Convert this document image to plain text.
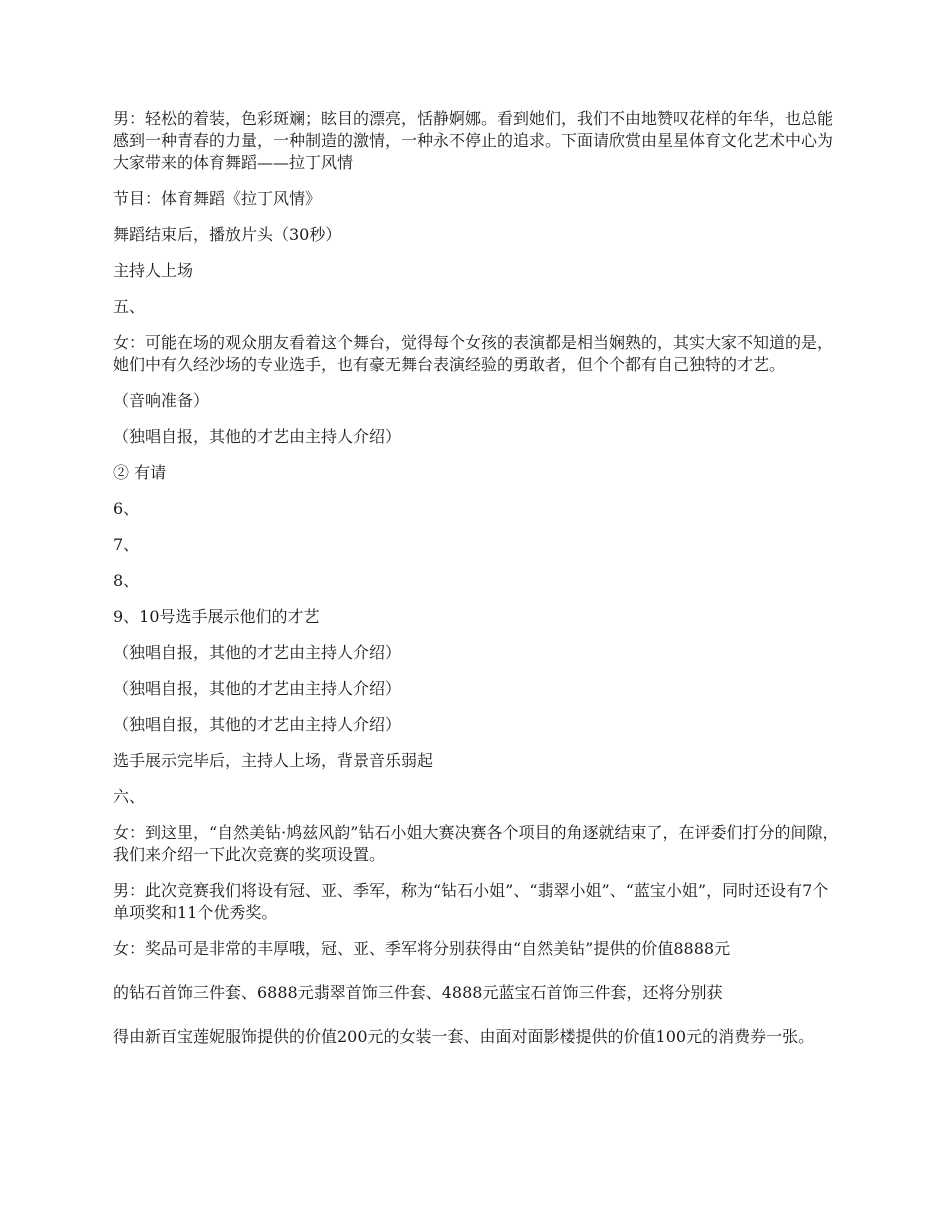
男：轻松的着装，色彩斑斓；眩目的漂亮，恬静婀娜。看到她们，我们不由地赞叹花样的年华，也总能感到一种青春的力量，一种制造的激情，一种永不停止的追求。下面请欣赏由星星体育文化艺术中心为大家带来的体育舞蹈——拉丁风情

节目：体育舞蹈《拉丁风情》

舞蹈结束后，播放片头（30秒）

主持人上场

五、

女：可能在场的观众朋友看着这个舞台，觉得每个女孩的表演都是相当娴熟的，其实大家不知道的是，她们中有久经沙场的专业选手，也有豪无舞台表演经验的勇敢者，但个个都有自己独特的才艺。

（音响准备）

（独唱自报，其他的才艺由主持人介绍）

② 有请

6、

7、

8、

9、10号选手展示他们的才艺

（独唱自报，其他的才艺由主持人介绍）

（独唱自报，其他的才艺由主持人介绍）

（独唱自报，其他的才艺由主持人介绍）

选手展示完毕后，主持人上场，背景音乐弱起

六、

女：到这里，“自然美钻·鸠兹风韵”钻石小姐大赛决赛各个项目的角逐就结束了，在评委们打分的间隙，我们来介绍一下此次竞赛的奖项设置。

男：此次竞赛我们将设有冠、亚、季军，称为“钻石小姐”、“翡翠小姐”、“蓝宝小姐”，同时还设有7个单项奖和11个优秀奖。

女：奖品可是非常的丰厚哦，冠、亚、季军将分别获得由“自然美钻”提供的价值8888元

的钻石首饰三件套、6888元翡翠首饰三件套、4888元蓝宝石首饰三件套，还将分别获

得由新百宝莲妮服饰提供的价值200元的女装一套、由面对面影楼提供的价值100元的消费券一张。
